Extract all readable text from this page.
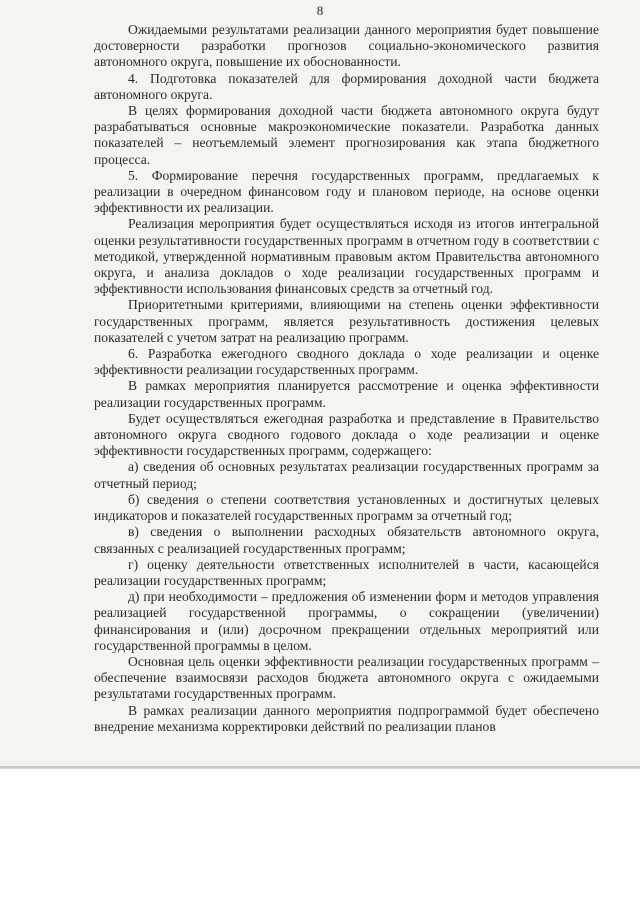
8

Ожидаемыми результатами реализации данного мероприятия будет повышение достоверности разработки прогнозов социально-экономического развития автономного округа, повышение их обоснованности.

4. Подготовка показателей для формирования доходной части бюджета автономного округа.

В целях формирования доходной части бюджета автономного округа будут разрабатываться основные макроэкономические показатели. Разработка данных показателей – неотъемлемый элемент прогнозирования как этапа бюджетного процесса.

5. Формирование перечня государственных программ, предлагаемых к реализации в очередном финансовом году и плановом периоде, на основе оценки эффективности их реализации.

Реализация мероприятия будет осуществляться исходя из итогов интегральной оценки результативности государственных программ в отчетном году в соответствии с методикой, утвержденной нормативным правовым актом Правительства автономного округа, и анализа докладов о ходе реализации государственных программ и эффективности использования финансовых средств за отчетный год.

Приоритетными критериями, влияющими на степень оценки эффективности государственных программ, является результативность достижения целевых показателей с учетом затрат на реализацию программ.

6. Разработка ежегодного сводного доклада о ходе реализации и оценке эффективности реализации государственных программ.

В рамках мероприятия планируется рассмотрение и оценка эффективности реализации государственных программ.

Будет осуществляться ежегодная разработка и представление в Правительство автономного округа сводного годового доклада о ходе реализации и оценке эффективности государственных программ, содержащего:

а) сведения об основных результатах реализации государственных программ за отчетный период;

б) сведения о степени соответствия установленных и достигнутых целевых индикаторов и показателей государственных программ за отчетный год;

в) сведения о выполнении расходных обязательств автономного округа, связанных с реализацией государственных программ;

г) оценку деятельности ответственных исполнителей в части, касающейся реализации государственных программ;

д) при необходимости – предложения об изменении форм и методов управления реализацией государственной программы, о сокращении (увеличении) финансирования и (или) досрочном прекращении отдельных мероприятий или государственной программы в целом.

Основная цель оценки эффективности реализации государственных программ – обеспечение взаимосвязи расходов бюджета автономного округа с ожидаемыми результатами государственных программ.

В рамках реализации данного мероприятия подпрограммой будет обеспечено внедрение механизма корректировки действий по реализации планов
